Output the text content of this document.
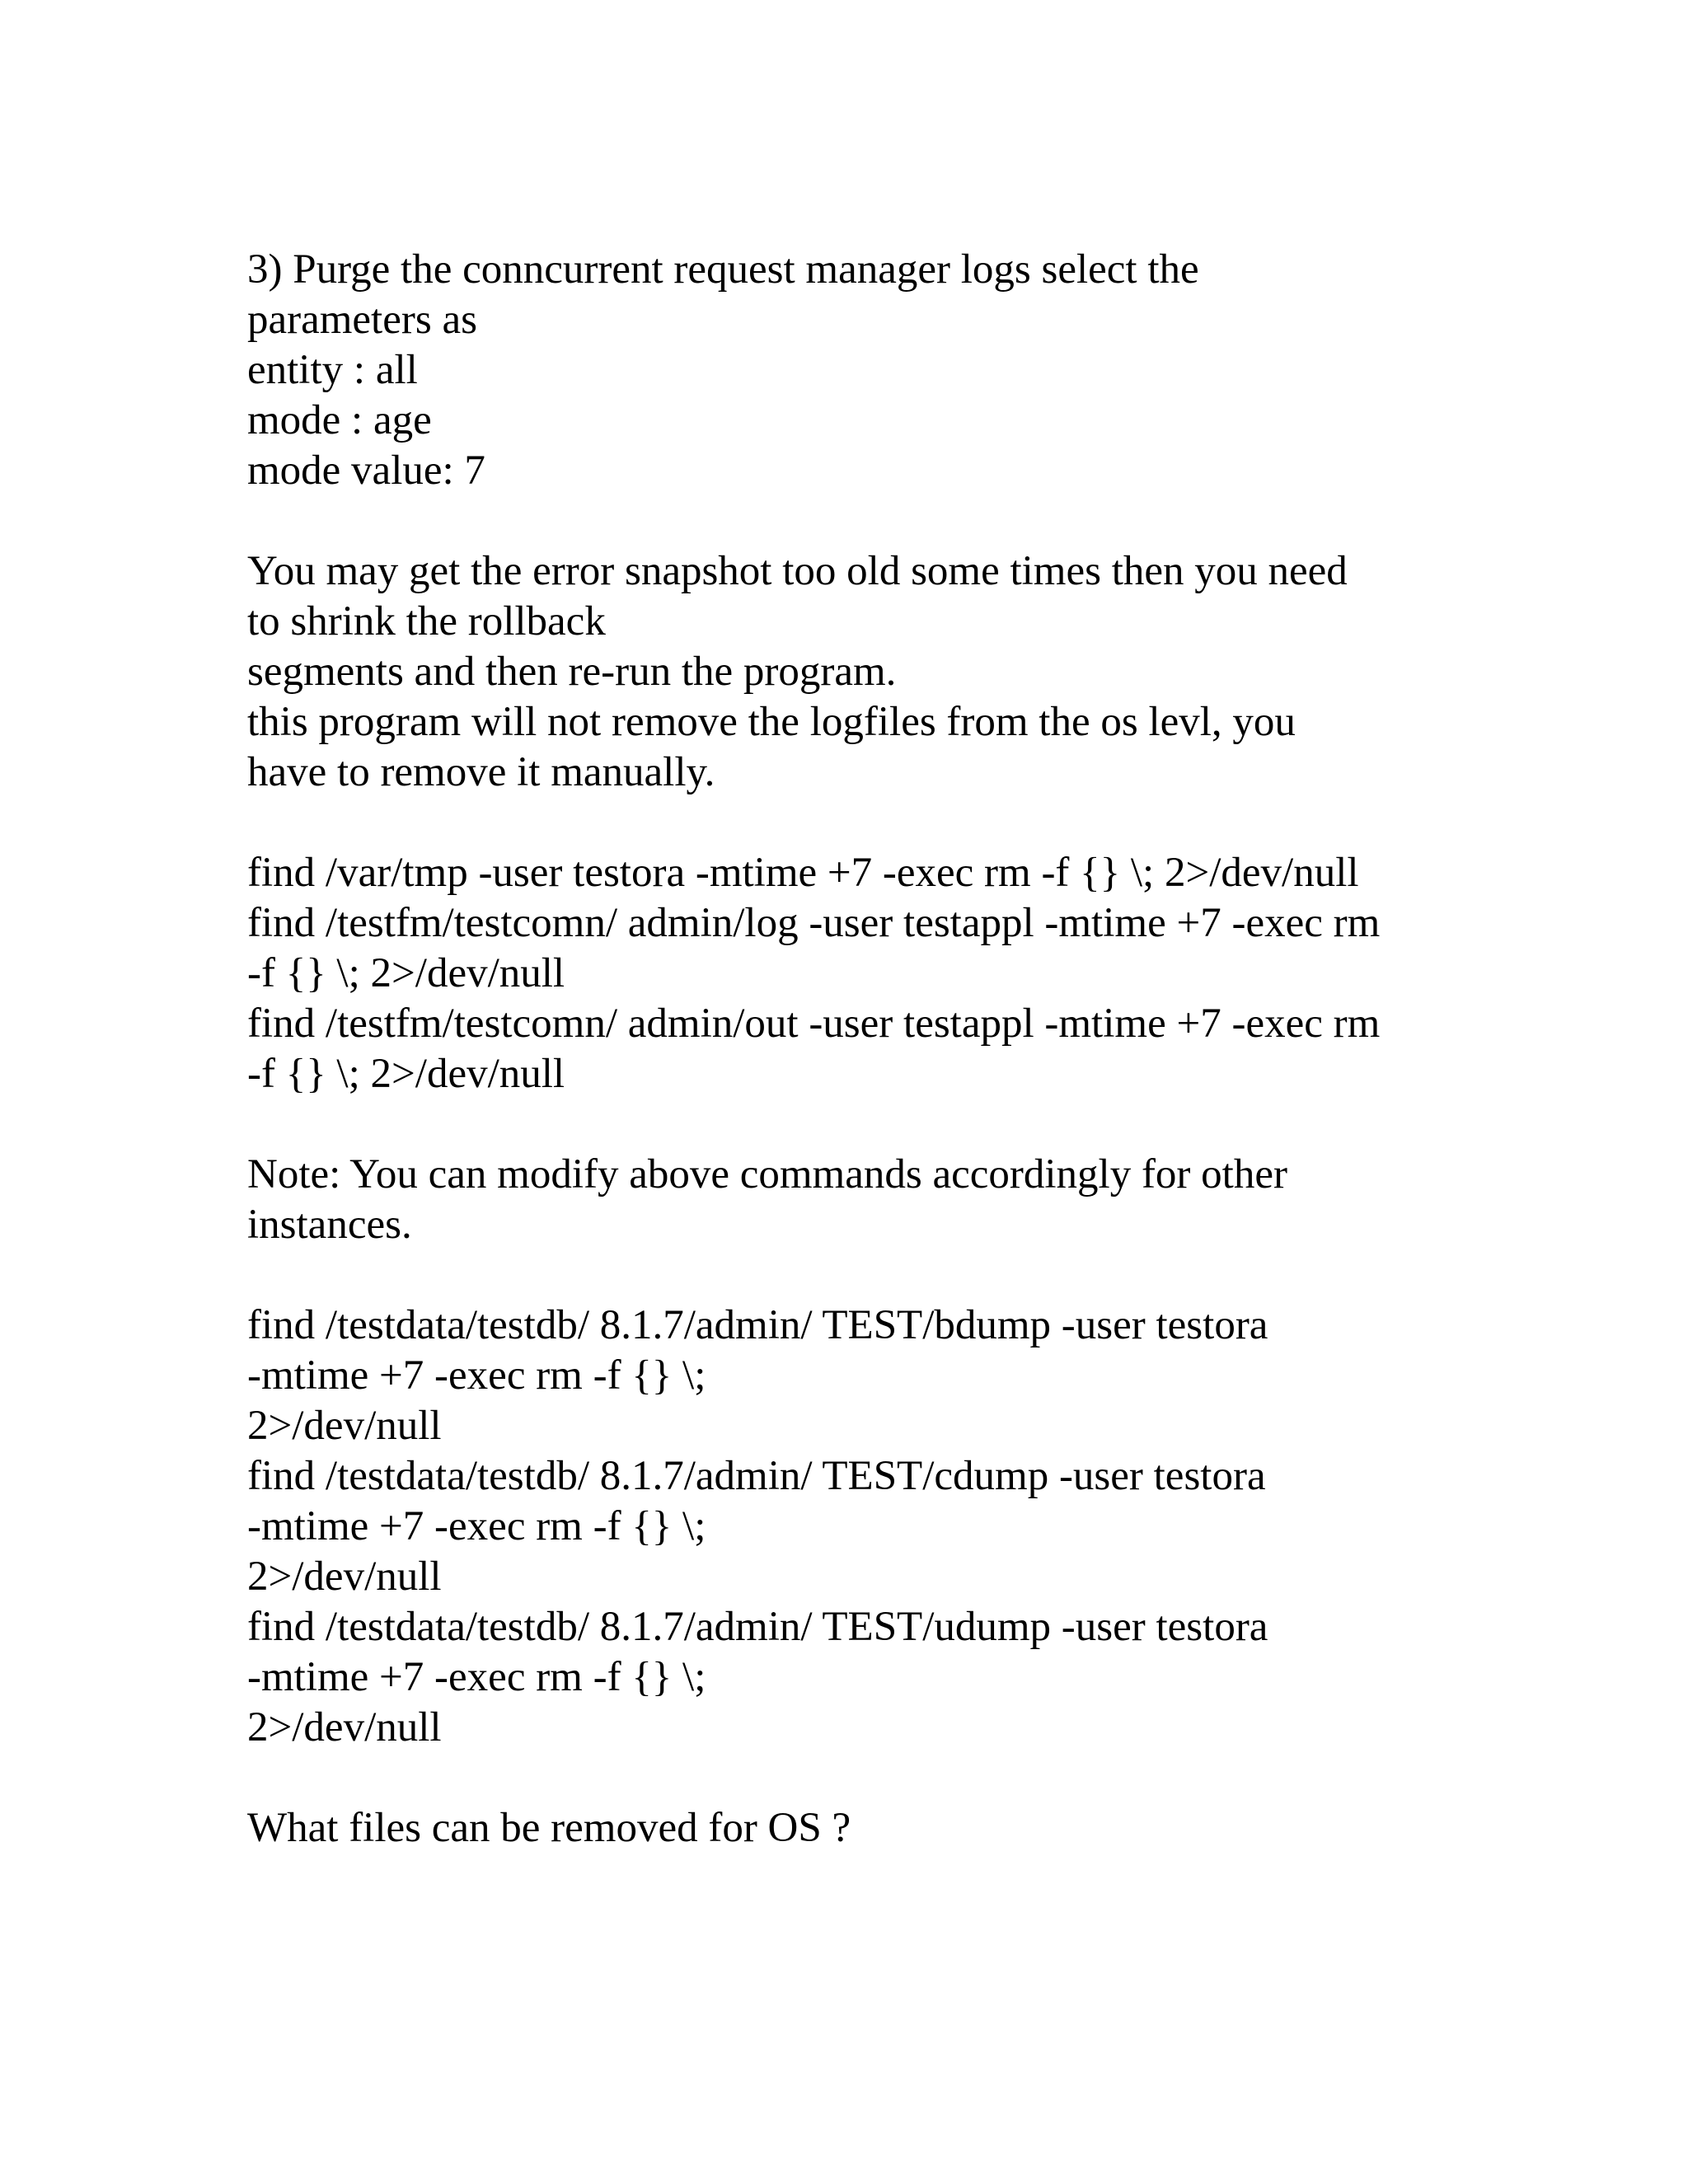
3) Purge the conncurrent request manager logs select the
parameters as
entity : all
mode : age
mode value: 7
You may get the error snapshot too old some times then you need
to shrink the rollback
segments and then re-run the program.
this program will not remove the logfiles from the os levl, you
have to remove it manually.
find /var/tmp -user testora -mtime +7 -exec rm -f {} \; 2>/dev/null
find /testfm/testcomn/ admin/log -user testappl -mtime +7 -exec rm
-f {} \; 2>/dev/null
find /testfm/testcomn/ admin/out -user testappl -mtime +7 -exec rm
-f {} \; 2>/dev/null
Note: You can modify above commands accordingly for other
instances.
find /testdata/testdb/ 8.1.7/admin/ TEST/bdump -user testora
-mtime +7 -exec rm -f {} \;
2>/dev/null
find /testdata/testdb/ 8.1.7/admin/ TEST/cdump -user testora
-mtime +7 -exec rm -f {} \;
2>/dev/null
find /testdata/testdb/ 8.1.7/admin/ TEST/udump -user testora
-mtime +7 -exec rm -f {} \;
2>/dev/null
What files can be removed for OS ?
